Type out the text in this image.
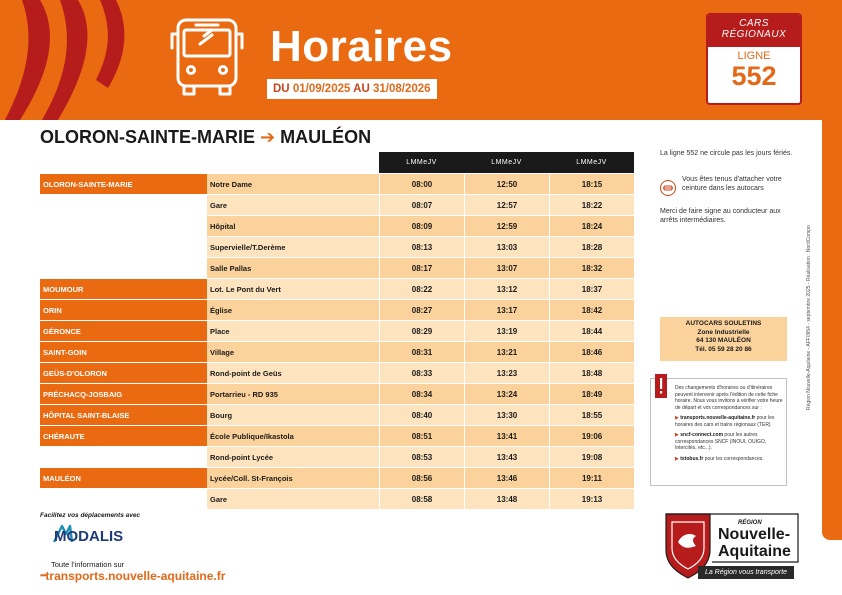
Horaires
DU 01/09/2025 AU 31/08/2026
CARS RÉGIONAUX
LIGNE
552
Région Nouvelle-Aquitaine - AFF0954 - septembre 2025 - Réalisation : NordCompo
OLORON-SAINTE-MARIE ➔ MAULÉON
		LMMeJV	LMMeJV	LMMeJV
OLORON-SAINTE-MARIE	Notre Dame	08:00	12:50	18:15
	Gare	08:07	12:57	18:22
	Hôpital	08:09	12:59	18:24
	Supervielle/T.Derème	08:13	13:03	18:28
	Salle Pallas	08:17	13:07	18:32
MOUMOUR	Lot. Le Pont du Vert	08:22	13:12	18:37
ORIN	Église	08:27	13:17	18:42
GÉRONCE	Place	08:29	13:19	18:44
SAINT-GOIN	Village	08:31	13:21	18:46
GEÜS-D'OLORON	Rond-point de Geüs	08:33	13:23	18:48
PRÉCHACQ-JOSBAIG	Portarrieu - RD 935	08:34	13:24	18:49
HÔPITAL SAINT-BLAISE	Bourg	08:40	13:30	18:55
CHÉRAUTE	École Publique/Ikastola	08:51	13:41	19:06
	Rond-point Lycée	08:53	13:43	19:08
MAULÉON	Lycée/Coll. St-François	08:56	13:46	19:11
	Gare	08:58	13:48	19:13
La ligne 552 ne circule pas les jours fériés.
Vous êtes tenus d'attacher votre ceinture dans les autocars
Merci de faire signe au conducteur aux arrêts intermédiaires.
AUTOCARS SOULETINS
Zone Industrielle
64 130 MAULÉON
Tél. 05 59 28 20 86
Des changements d'horaires ou d'itinéraires peuvent intervenir après l'édition de cette fiche horaire. Nous vous invitons à vérifier votre heure de départ et vos correspondances sur :
▶ transports.nouvelle-aquitaine.fr pour les horaires des cars et trains régionaux (TER)
▶ sncf-connect.com pour les autres correspondances SNCF (INOUI, OUIGO, Intercités, etc...).
▶ txtobus.fr pour les correspondances.
Facilitez vos déplacements avec
MODALIS
Toute l'information sur
•••transports.nouvelle-aquitaine.fr
RÉGION
Nouvelle-
Aquitaine
La Région vous transporte
